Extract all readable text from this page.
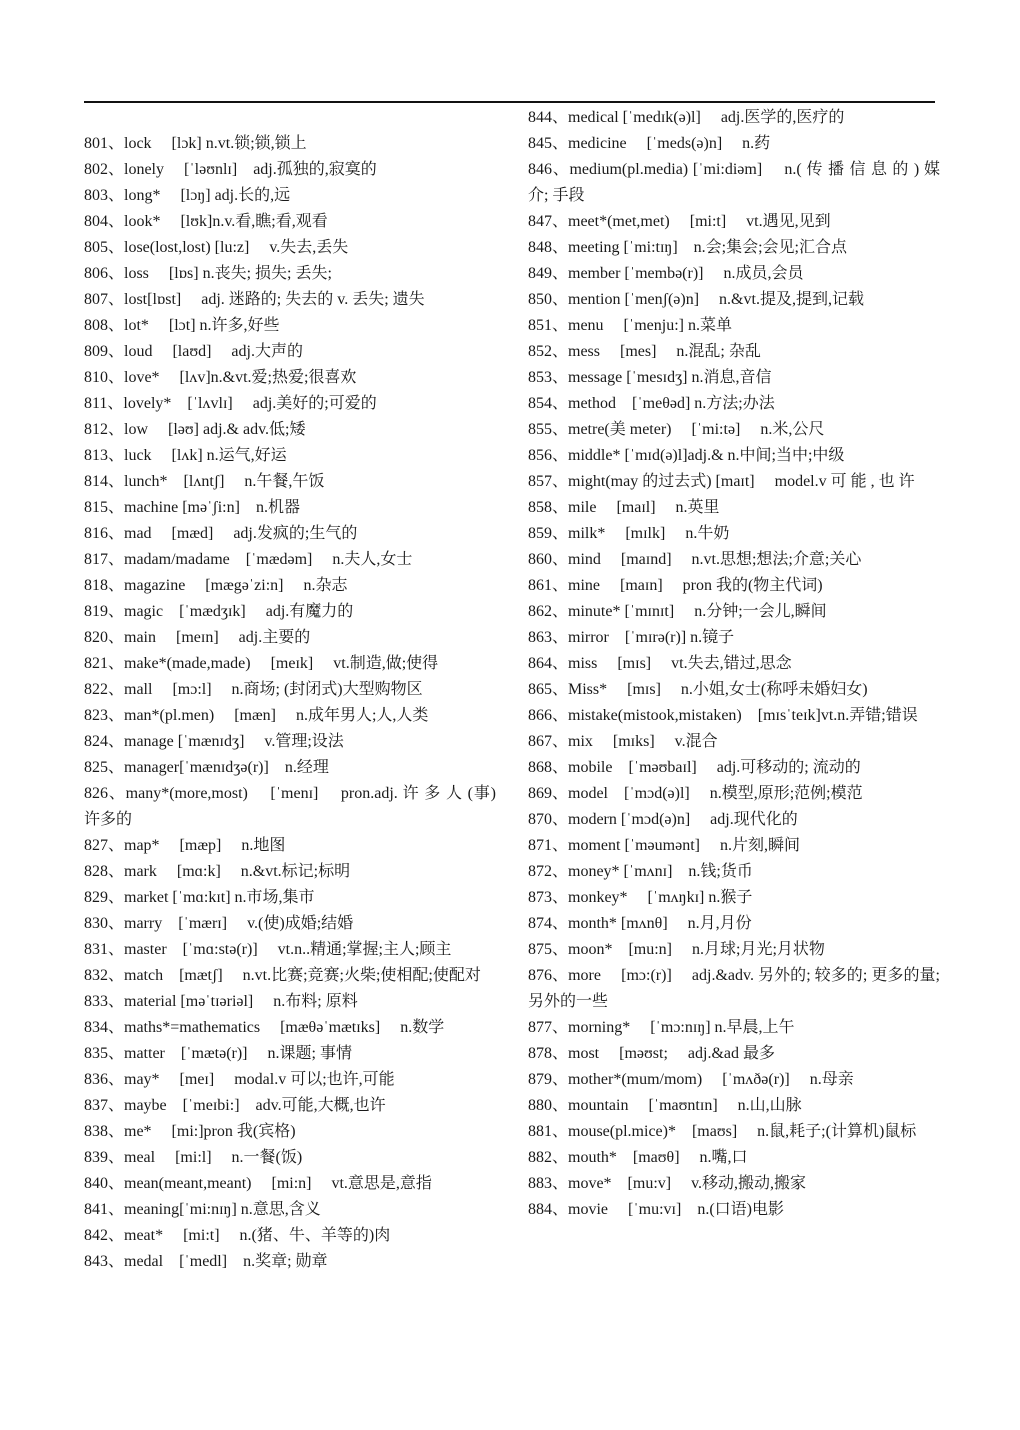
801、lock　 [lɔk] n.vt.锁;锁,锁上
802、lonely　 [ˈləʊnlɪ]　adj.孤独的,寂寞的
803、long*　 [lɔŋ] adj.长的,远
804、look*　 [lʊk]n.v.看,瞧;看,观看
805、lose(lost,lost) [lu:z]　 v.失去,丢失
806、loss　 [lɒs] n.丧失; 损失; 丢失;
807、lost[lɒst]　 adj. 迷路的; 失去的 v. 丢失; 遗失
808、lot*　 [lɔt] n.许多,好些
809、loud　 [laʊd]　 adj.大声的
810、love*　 [lʌv]n.&vt.爱;热爱;很喜欢
811、lovely*　[ˈlʌvlɪ]　 adj.美好的;可爱的
812、low　 [ləʊ] adj.& adv.低;矮
813、luck　 [lʌk] n.运气,好运
814、lunch*　[lʌntʃ]　 n.午餐,午饭
815、machine [məˈʃi:n]　n.机器
816、mad　 [mæd]　 adj.发疯的;生气的
817、madam/madame　[ˈmædəm]　 n.夫人,女士
818、magazine　 [mægəˈzi:n]　 n.杂志
819、magic　[ˈmædʒɪk]　 adj.有魔力的
820、main　 [meɪn]　 adj.主要的
821、make*(made,made)　 [meɪk]　 vt.制造,做;使得
822、mall　 [mɔ:l]　 n.商场; (封闭式)大型购物区
823、man*(pl.men)　 [mæn]　 n.成年男人;人,人类
824、manage [ˈmænɪdʒ]　 v.管理;设法
825、manager[ˈmænɪdʒə(r)]　n.经理
826、many*(more,most)　 [ˈmenɪ]　 pron.adj. 许 多 人 (事)许多的
827、map*　 [mæp]　 n.地图
828、mark　 [mɑ:k]　 n.&vt.标记;标明
829、market [ˈmɑ:kɪt] n.市场,集市
830、marry　[ˈmærɪ]　 v.(使)成婚;结婚
831、master　[ˈmɑ:stə(r)]　 vt.n..精通;掌握;主人;顾主
832、match　[mætʃ]　 n.vt.比赛;竞赛;火柴;使相配;使配对
833、material [məˈtɪəriəl]　 n.布料; 原料
834、maths*=mathematics　 [mæθəˈmætɪks]　 n.数学
835、matter　[ˈmætə(r)]　 n.课题; 事情
836、may*　 [meɪ]　 modal.v 可以;也许,可能
837、maybe　[ˈmeɪbi:]　adv.可能,大概,也许
838、me*　 [mi:]pron 我(宾格)
839、meal　 [mi:l]　 n.一餐(饭)
840、mean(meant,meant)　 [mi:n]　 vt.意思是,意指
841、meaning[ˈmi:nɪŋ] n.意思,含义
842、meat*　 [mi:t]　 n.(猪、牛、羊等的)肉
843、medal　[ˈmedl]　n.奖章; 勋章
844、medical [ˈmedɪk(ə)l]　 adj.医学的,医疗的
845、medicine　 [ˈmeds(ə)n]　 n.药
846、medium(pl.media) [ˈmi:diəm]　 n.( 传 播 信 息 的 ) 媒介; 手段
847、meet*(met,met)　 [mi:t]　 vt.遇见,见到
848、meeting [ˈmi:tɪŋ]　n.会;集会;会见;汇合点
849、member [ˈmembə(r)]　 n.成员,会员
850、mention [ˈmenʃ(ə)n]　 n.&vt.提及,提到,记载
851、menu　 [ˈmenju:] n.菜单
852、mess　 [mes]　 n.混乱; 杂乱
853、message [ˈmesɪdʒ] n.消息,音信
854、method　[ˈmeθəd] n.方法;办法
855、metre(美 meter)　 [ˈmi:tə]　 n.米,公尺
856、middle* [ˈmɪd(ə)l]adj.& n.中间;当中;中级
857、might(may 的过去式) [maɪt]　 model.v 可 能 , 也 许
858、mile　 [maɪl]　 n.英里
859、milk*　 [mɪlk]　 n.牛奶
860、mind　 [maɪnd]　 n.vt.思想;想法;介意;关心
861、mine　 [maɪn]　 pron 我的(物主代词)
862、minute* [ˈmɪnɪt]　 n.分钟;一会儿,瞬间
863、mirror　[ˈmɪrə(r)] n.镜子
864、miss　 [mɪs]　 vt.失去,错过,思念
865、Miss*　 [mɪs]　 n.小姐,女士(称呼未婚妇女)
866、mistake(mistook,mistaken)　[mɪsˈteɪk]vt.n.弄错;错误
867、mix　 [mɪks]　 v.混合
868、mobile　[ˈməʊbaɪl]　 adj.可移动的; 流动的
869、model　[ˈmɔd(ə)l]　 n.模型,原形;范例;模范
870、modern [ˈmɔd(ə)n]　 adj.现代化的
871、moment [ˈməumənt]　 n.片刻,瞬间
872、money* [ˈmʌnɪ]　n.钱;货币
873、monkey*　 [ˈmʌŋkɪ] n.猴子
874、month* [mʌnθ]　 n.月,月份
875、moon*　[mu:n]　 n.月球;月光;月状物
876、more　 [mɔ:(r)]　 adj.&adv. 另外的; 较多的; 更多的量;另外的一些
877、morning*　 [ˈmɔ:nɪŋ] n.早晨,上午
878、most　 [məʊst;　 adj.&ad 最多
879、mother*(mum/mom)　 [ˈmʌðə(r)]　 n.母亲
880、mountain　 [ˈmaʊntɪn]　 n.山,山脉
881、mouse(pl.mice)*　[maʊs]　 n.鼠,耗子;(计算机)鼠标
882、mouth*　[maʊθ]　 n.嘴,口
883、move*　[mu:v]　 v.移动,搬动,搬家
884、movie　 [ˈmu:vɪ]　n.(口语)电影
